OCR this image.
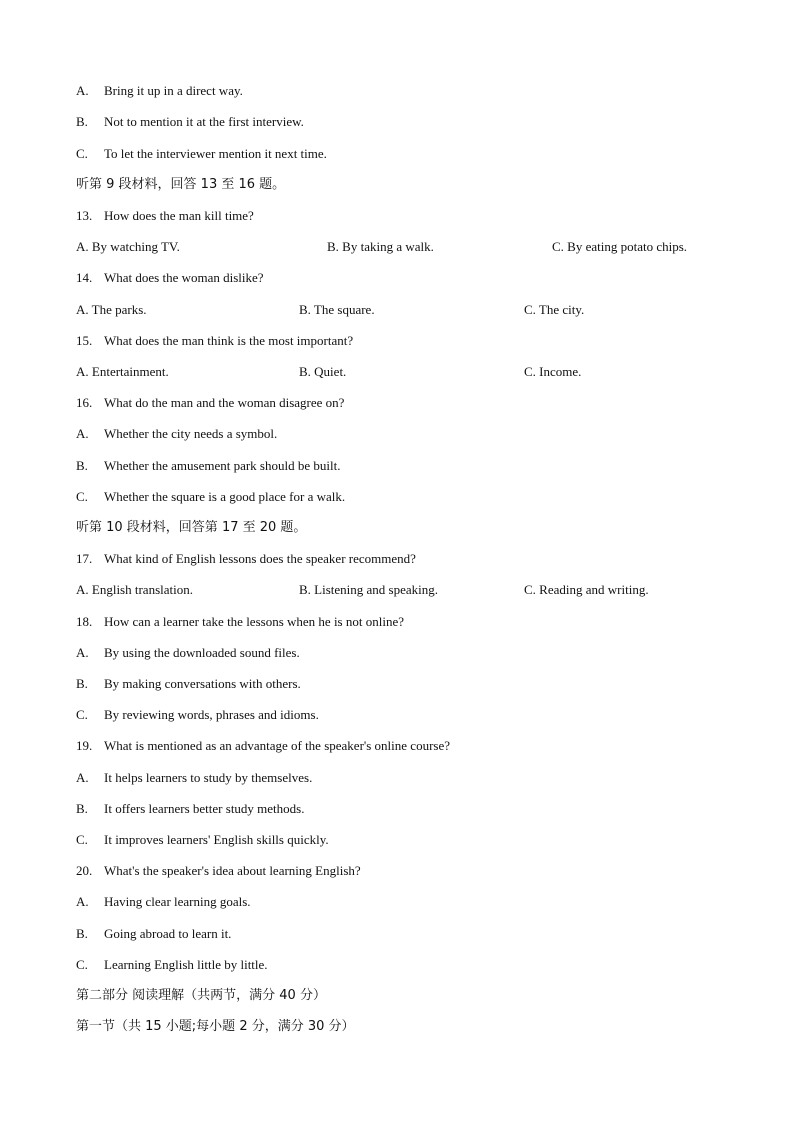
A. Bring it up in a direct way.
B. Not to mention it at the first interview.
C. To let the interviewer mention it next time.
听第 9 段材料，回答 13 至 16 题。
13. How does the man kill time?
A. By watching TV.	B. By taking a walk.	C. By eating potato chips.
14. What does the woman dislike?
A. The parks.	B. The square.	C. The city.
15. What does the man think is the most important?
A. Entertainment.	B. Quiet.	C. Income.
16. What do the man and the woman disagree on?
A. Whether the city needs a symbol.
B. Whether the amusement park should be built.
C. Whether the square is a good place for a walk.
听第 10 段材料，回答第 17 至 20 题。
17. What kind of English lessons does the speaker recommend?
A. English translation.	B. Listening and speaking.	C. Reading and writing.
18. How can a learner take the lessons when he is not online?
A. By using the downloaded sound files.
B. By making conversations with others.
C. By reviewing words, phrases and idioms.
19. What is mentioned as an advantage of the speaker's online course?
A. It helps learners to study by themselves.
B. It offers learners better study methods.
C. It improves learners' English skills quickly.
20. What's the speaker's idea about learning English?
A. Having clear learning goals.
B. Going abroad to learn it.
C. Learning English little by little.
第二部分 阅读理解（共两节，满分 40 分）
第一节（共 15 小题;每小题 2 分，满分 30 分）
